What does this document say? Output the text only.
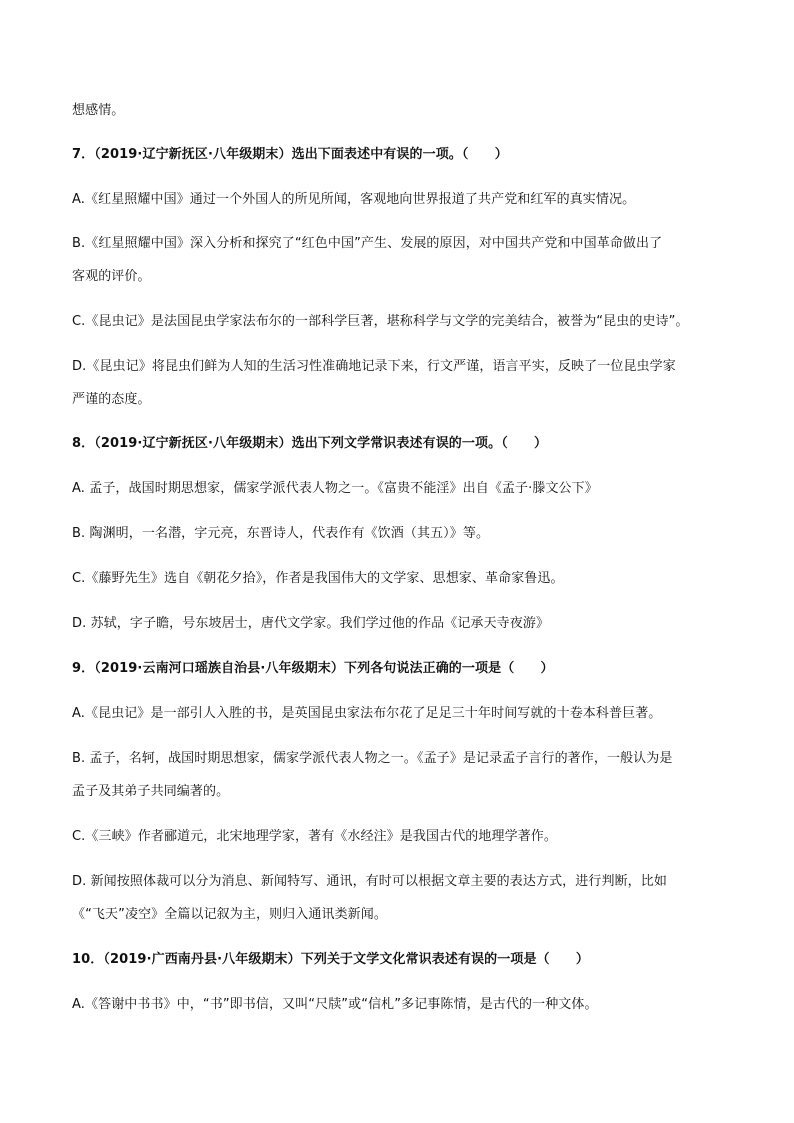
想感情。
7．（2019·辽宁新抚区·八年级期末）选出下面表述中有误的一项。（　　）
A.《红星照耀中国》通过一个外国人的所见所闻，客观地向世界报道了共产党和红军的真实情况。
B.《红星照耀中国》深入分析和探究了“红色中国”产生、发展的原因，对中国共产党和中国革命做出了
客观的评价。
C.《昆虫记》是法国昆虫学家法布尔的一部科学巨著，堪称科学与文学的完美结合，被誉为“昆虫的史诗”。
D.《昆虫记》将昆虫们鲜为人知的生活习性准确地记录下来，行文严谨，语言平实，反映了一位昆虫学家
严谨的态度。
8．（2019·辽宁新抚区·八年级期末）选出下列文学常识表述有误的一项。（　　）
A. 孟子，战国时期思想家，儒家学派代表人物之一。《富贵不能淫》出自《孟子·滕文公下》
B. 陶渊明，一名潜，字元亮，东晋诗人，代表作有《饮酒（其五）》等。
C.《藤野先生》选自《朝花夕拾》，作者是我国伟大的文学家、思想家、革命家鲁迅。
D. 苏轼，字子瞻，号东坡居士，唐代文学家。我们学过他的作品《记承天寺夜游》
9．（2019·云南河口瑶族自治县·八年级期末）下列各句说法正确的一项是（　　）
A.《昆虫记》是一部引人入胜的书，是英国昆虫家法布尔花了足足三十年时间写就的十卷本科普巨著。
B. 孟子，名轲，战国时期思想家，儒家学派代表人物之一。《孟子》是记录孟子言行的著作，一般认为是
孟子及其弟子共同编著的。
C.《三峡》作者郦道元，北宋地理学家，著有《水经注》是我国古代的地理学著作。
D. 新闻按照体裁可以分为消息、新闻特写、通讯，有时可以根据文章主要的表达方式，进行判断，比如
《“飞天”凌空》全篇以记叙为主，则归入通讯类新闻。
10．（2019·广西南丹县·八年级期末）下列关于文学文化常识表述有误的一项是（　　）
A.《答谢中书书》中，“书”即书信，又叫“尺牍”或“信札”多记事陈情，是古代的一种文体。
